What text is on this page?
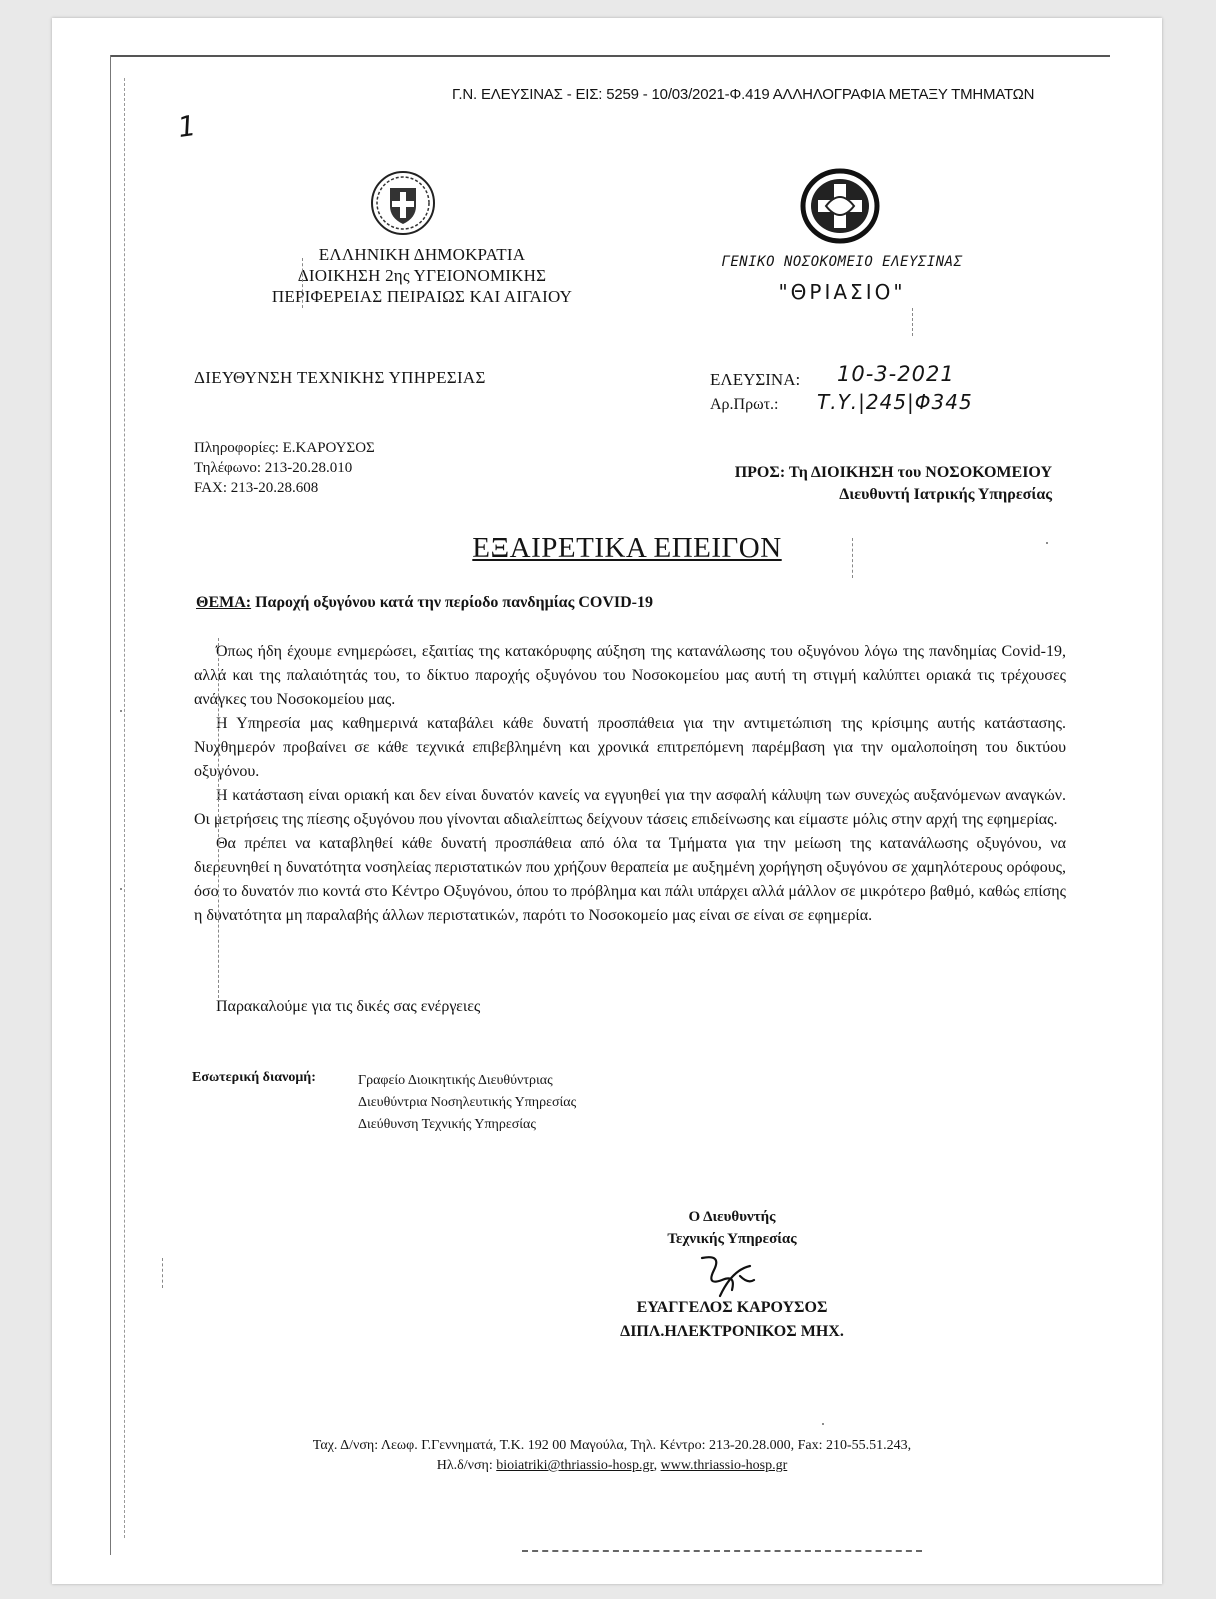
Γ.Ν. ΕΛΕΥΣΙΝΑΣ - ΕΙΣ: 5259 - 10/03/2021-Φ.419 ΑΛΛΗΛΟΓΡΑΦΙΑ ΜΕΤΑΞΥ ΤΜΗΜΑΤΩΝ
1
ΕΛΛΗΝΙΚΗ ΔΗΜΟΚΡΑΤΙΑ
ΔΙΟΙΚΗΣΗ 2ης ΥΓΕΙΟΝΟΜΙΚΗΣ
ΠΕΡΙΦΕΡΕΙΑΣ ΠΕΙΡΑΙΩΣ ΚΑΙ ΑΙΓΑΙΟΥ
ΓΕΝΙΚΟ ΝΟΣΟΚΟΜΕΙΟ ΕΛΕΥΣΙΝΑΣ
"ΘΡΙΑΣΙΟ"
ΔΙΕΥΘΥΝΣΗ ΤΕΧΝΙΚΗΣ ΥΠΗΡΕΣΙΑΣ	ΕΛΕΥΣΙΝΑ: 10-3-2021
Αρ.Πρωτ.: Τ.Υ.|245|Φ345
Πληροφορίες: Ε.ΚΑΡΟΥΣΟΣ
Τηλέφωνο: 213-20.28.010
FAX: 213-20.28.608
ΠΡΟΣ: Τη ΔΙΟΙΚΗΣΗ του ΝΟΣΟΚΟΜΕΙΟΥ
Διευθυντή Ιατρικής Υπηρεσίας
ΕΞΑΙΡΕΤΙΚΑ ΕΠΕΙΓΟΝ
ΘΕΜΑ: Παροχή οξυγόνου κατά την περίοδο πανδημίας COVID-19

Όπως ήδη έχουμε ενημερώσει, εξαιτίας της κατακόρυφης αύξηση της κατανάλωσης του οξυγόνου λόγω της πανδημίας Covid-19, αλλά και της παλαιότητάς του, το δίκτυο παροχής οξυγόνου του Νοσοκομείου μας αυτή τη στιγμή καλύπτει οριακά τις τρέχουσες ανάγκες του Νοσοκομείου μας.

Η Υπηρεσία μας καθημερινά καταβάλει κάθε δυνατή προσπάθεια για την αντιμετώπιση της κρίσιμης αυτής κατάστασης. Νυχθημερόν προβαίνει σε κάθε τεχνικά επιβεβλημένη και χρονικά επιτρεπόμενη παρέμβαση για την ομαλοποίηση του δικτύου οξυγόνου.

Η κατάσταση είναι οριακή και δεν είναι δυνατόν κανείς να εγγυηθεί για την ασφαλή κάλυψη των συνεχώς αυξανόμενων αναγκών. Οι μετρήσεις της πίεσης οξυγόνου που γίνονται αδιαλείπτως δείχνουν τάσεις επιδείνωσης και είμαστε μόλις στην αρχή της εφημερίας.

Θα πρέπει να καταβληθεί κάθε δυνατή προσπάθεια από όλα τα Τμήματα για την μείωση της κατανάλωσης οξυγόνου, να διερευνηθεί η δυνατότητα νοσηλείας περιστατικών που χρήζουν θεραπεία με αυξημένη χορήγηση οξυγόνου σε χαμηλότερους ορόφους, όσο το δυνατόν πιο κοντά στο Κέντρο Οξυγόνου, όπου το πρόβλημα και πάλι υπάρχει αλλά μάλλον σε μικρότερο βαθμό, καθώς επίσης η δυνατότητα μη παραλαβής άλλων περιστατικών, παρότι το Νοσοκομείο μας είναι σε είναι σε εφημερία.

Παρακαλούμε για τις δικές σας ενέργειες
Εσωτερική διανομή:	Γραφείο Διοικητικής Διευθύντριας
Διευθύντρια Νοσηλευτικής Υπηρεσίας
Διεύθυνση Τεχνικής Υπηρεσίας
Ο Διευθυντής
Τεχνικής Υπηρεσίας
ΕΥΑΓΓΕΛΟΣ ΚΑΡΟΥΣΟΣ
ΔΙΠΛ.ΗΛΕΚΤΡΟΝΙΚΟΣ ΜΗΧ.
Ταχ. Δ/νση: Λεωφ. Γ.Γεννηματά, Τ.Κ. 192 00 Μαγούλα, Τηλ. Κέντρο: 213-20.28.000, Fax: 210-55.51.243,
Ηλ.δ/νση: bioiatriki@thriassio-hosp.gr, www.thriassio-hosp.gr
